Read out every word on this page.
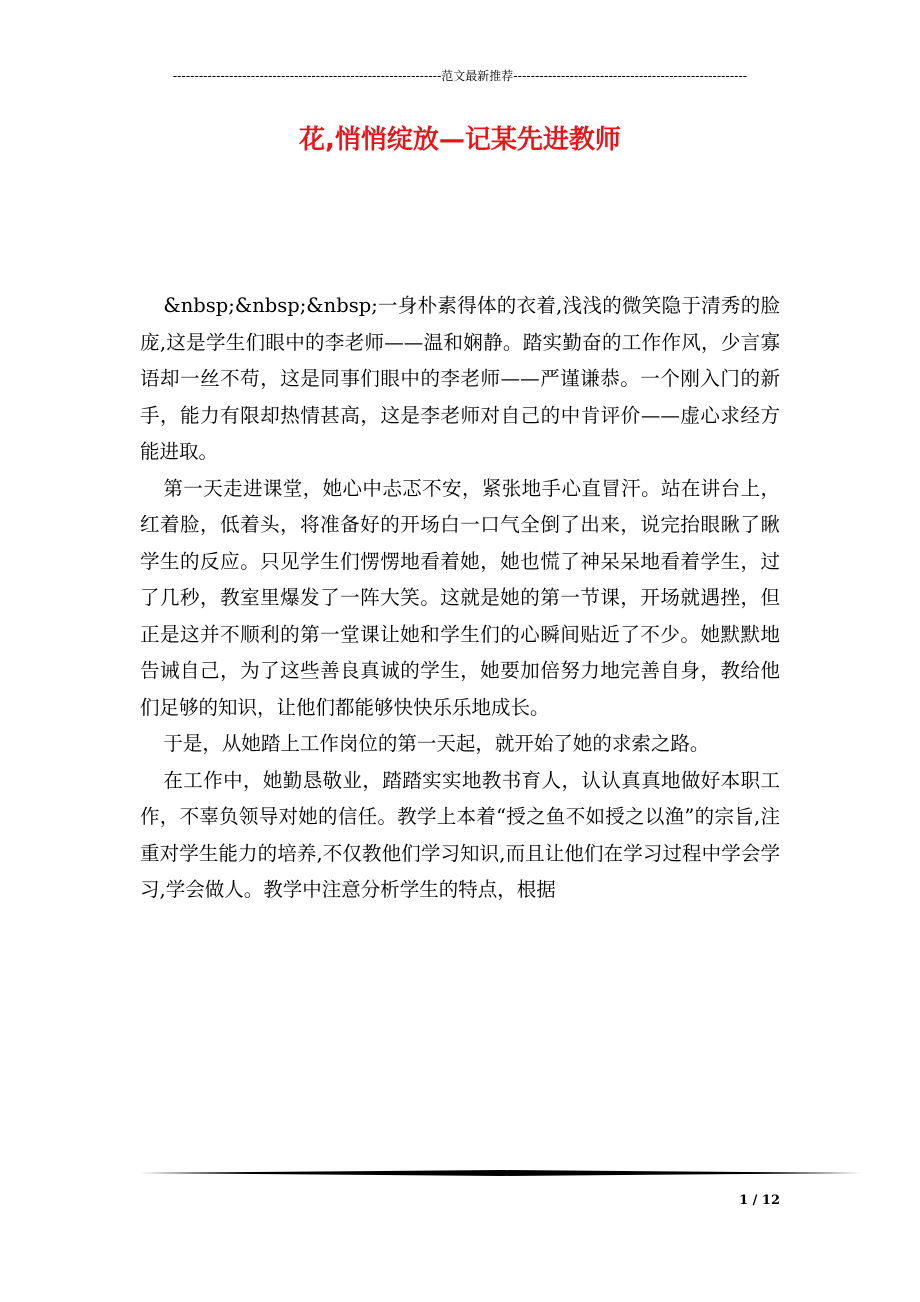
--------------------------------------------------------------范文最新推荐------------------------------------------------------
花,悄悄绽放—记某先进教师

&nbsp;&nbsp;&nbsp;一身朴素得体的衣着,浅浅的微笑隐于清秀的脸庞,这是学生们眼中的李老师——温和娴静。踏实勤奋的工作作风，少言寡语却一丝不苟，这是同事们眼中的李老师——严谨谦恭。一个刚入门的新手，能力有限却热情甚高，这是李老师对自己的中肯评价——虚心求经方能进取。

第一天走进课堂，她心中忐忑不安，紧张地手心直冒汗。站在讲台上，红着脸，低着头，将准备好的开场白一口气全倒了出来，说完抬眼瞅了瞅学生的反应。只见学生们愣愣地看着她，她也慌了神呆呆地看着学生，过了几秒，教室里爆发了一阵大笑。这就是她的第一节课，开场就遇挫，但正是这并不顺利的第一堂课让她和学生们的心瞬间贴近了不少。她默默地告诫自己，为了这些善良真诚的学生，她要加倍努力地完善自身，教给他们足够的知识，让他们都能够快快乐乐地成长。

于是，从她踏上工作岗位的第一天起，就开始了她的求索之路。

在工作中，她勤恳敬业，踏踏实实地教书育人，认认真真地做好本职工作，不辜负领导对她的信任。教学上本着“授之鱼不如授之以渔”的宗旨,注重对学生能力的培养,不仅教他们学习知识,而且让他们在学习过程中学会学习,学会做人。教学中注意分析学生的特点，根据

1 / 12
